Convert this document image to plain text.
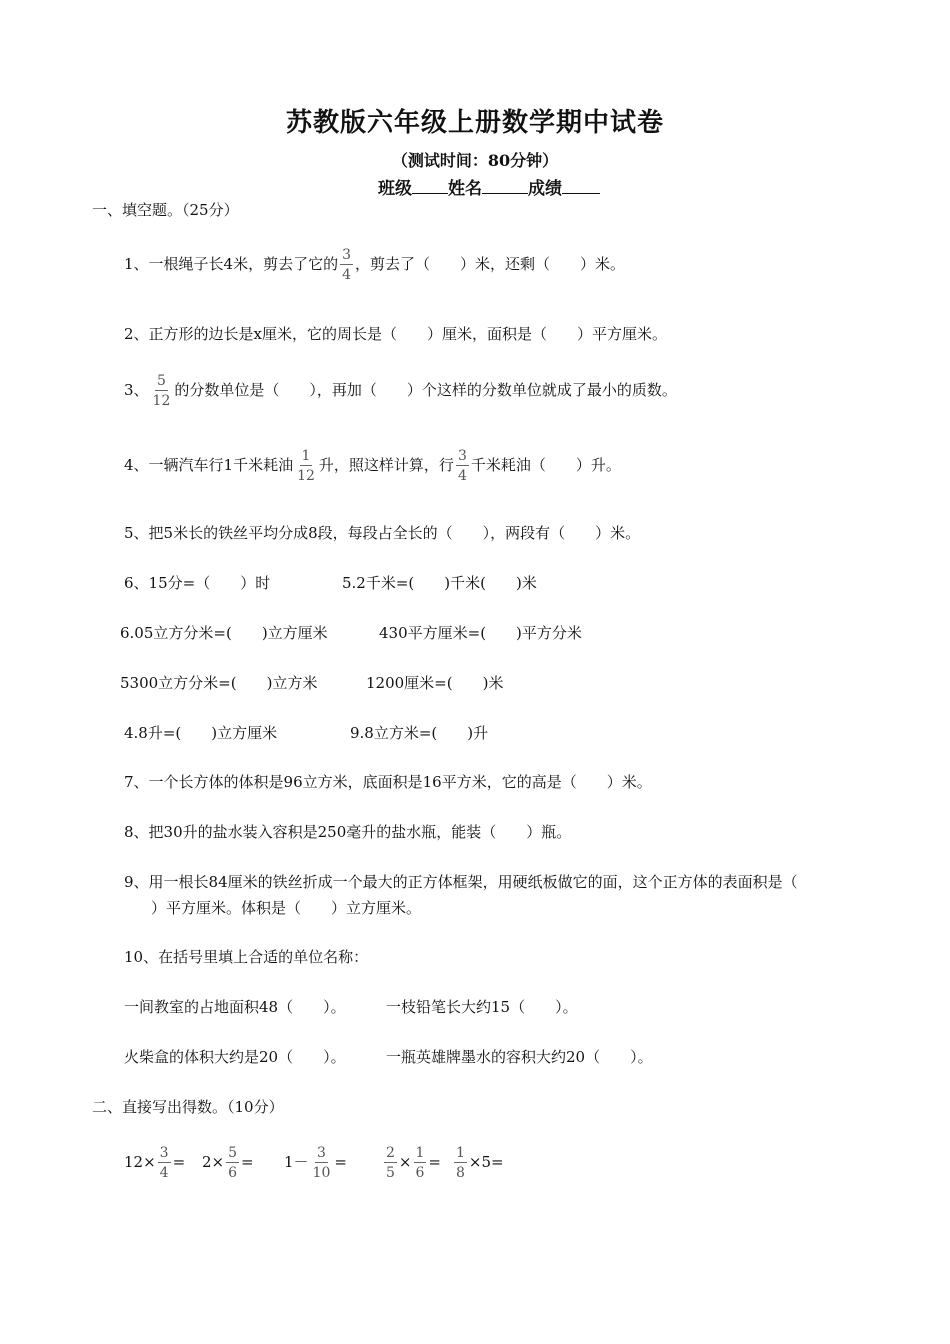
苏教版六年级上册数学期中试卷
（测试时间：80分钟）
班级 姓名	成绩
一、填空题。（25分）
1、一根绳子长4米，剪去了它的 $\frac{3}{4}$ ，剪去了（　　）米，还剩（　　）米。
2、正方形的边长是x厘米，它的周长是（　　）厘米，面积是（　　）平方厘米。
3、 $\frac{5}{12}$ 的分数单位是（　　），再加（　　）个这样的分数单位就成了最小的质数。
4、一辆汽车行1千米耗油 $\frac{1}{12}$ 升，照这样计算，行 $\frac{3}{4}$ 千米耗油（　　）升。
5、把5米长的铁丝平均分成8段，每段占全长的（　　），两段有（　　）米。
6、15分=（　　）时	5.2千米=(　　)千米(　　)米
6.05立方分米=(　　)立方厘米	430平方厘米=(　　)平方分米
5300立方分米=(　　)立方米	1200厘米=(　　)米
4.8升=(　　)立方厘米	9.8立方米=(　　)升
7、一个长方体的体积是96立方米，底面积是16平方米，它的高是（　　）米。
8、把30升的盐水装入容积是250毫升的盐水瓶，能装（　　）瓶。
9、用一根长84厘米的铁丝折成一个最大的正方体框架，用硬纸板做它的面，这个正方体的表面积是（
　）平方厘米。体积是（　　）立方厘米。
10、在括号里填上合适的单位名称：
一间教室的占地面积48（　　）。	一枝铅笔长大约15（　　）。
火柴盒的体积大约是20（　　）。	一瓶英雄牌墨水的容积大约20（　　）。
二、直接写出得数。（10分）
$12\times \frac{3}{4} = 2\times \frac{5}{6} = 1- \frac{3}{10}$ =	$\frac{2}{5} \times \frac{1}{6} = \frac{1}{8} \times 5=$
